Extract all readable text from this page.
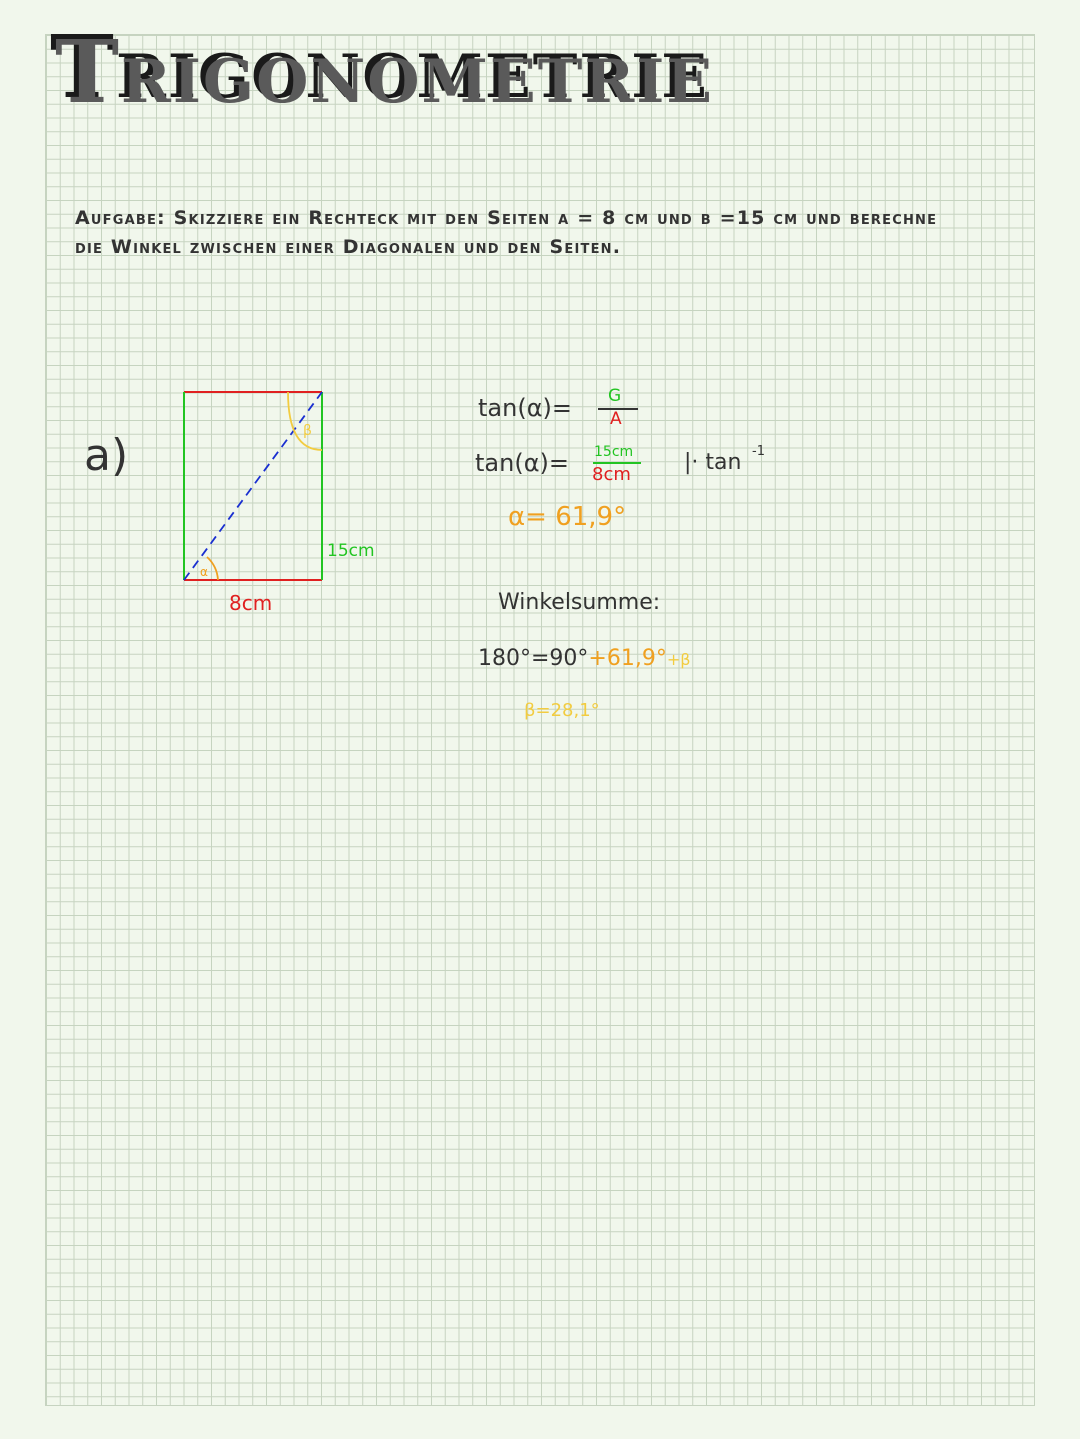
Trigonometrie
Aufgabe: Skizziere ein Rechteck mit den Seiten a = 8 cm und b =15 cm und berechne die Winkel zwischen einer Diagonalen und den Seiten.
a)
α
β
8cm
15cm
tan(α)= G
A
tan(α)= 15cm
8cm |· tan -1
α= 61,9°
Winkelsumme:
180°=90°+61,9°+β
β=28,1°
